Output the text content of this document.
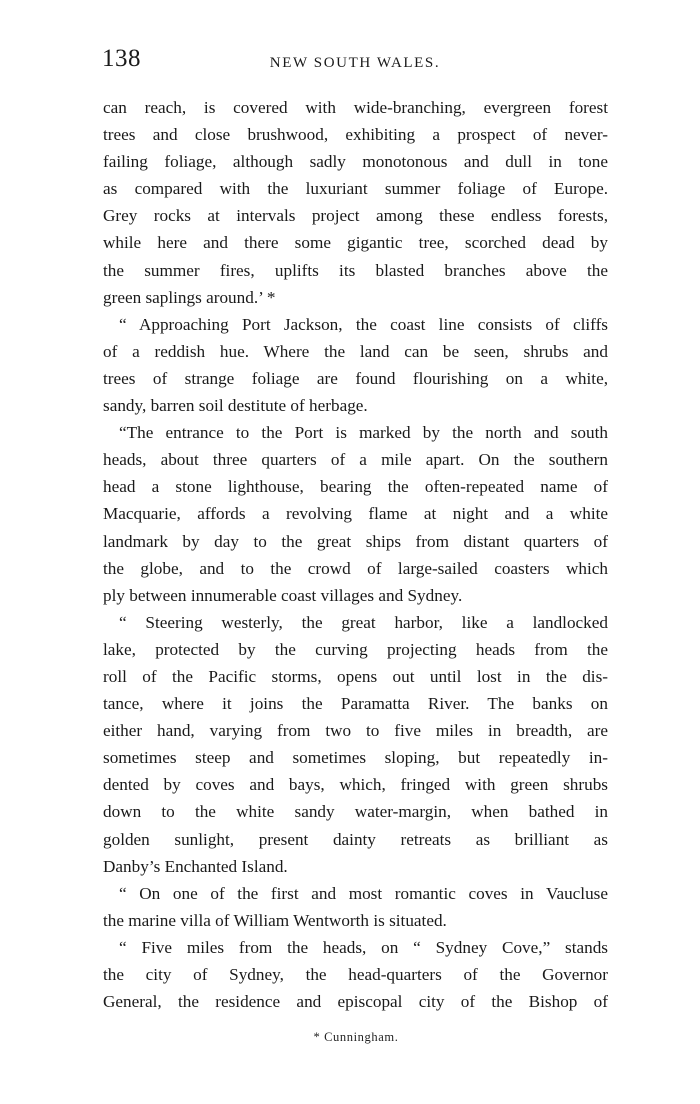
138	NEW SOUTH WALES.
can reach, is covered with wide-branching, evergreen forest
trees and close brushwood, exhibiting a prospect of never-
failing foliage, although sadly monotonous and dull in tone
as compared with the luxuriant summer foliage of Europe.
Grey rocks at intervals project among these endless forests,
while here and there some gigantic tree, scorched dead by
the summer fires, uplifts its blasted branches above the
green saplings around.’ *
“ Approaching Port Jackson, the coast line consists of cliffs
of a reddish hue. Where the land can be seen, shrubs and
trees of strange foliage are found flourishing on a white,
sandy, barren soil destitute of herbage.
“The entrance to the Port is marked by the north and south
heads, about three quarters of a mile apart. On the southern
head a stone lighthouse, bearing the often-repeated name of
Macquarie, affords a revolving flame at night and a white
landmark by day to the great ships from distant quarters of
the globe, and to the crowd of large-sailed coasters which
ply between innumerable coast villages and Sydney.
“ Steering westerly, the great harbor, like a landlocked
lake, protected by the curving projecting heads from the
roll of the Pacific storms, opens out until lost in the dis-
tance, where it joins the Paramatta River. The banks on
either hand, varying from two to five miles in breadth, are
sometimes steep and sometimes sloping, but repeatedly in-
dented by coves and bays, which, fringed with green shrubs
down to the white sandy water-margin, when bathed in
golden sunlight, present dainty retreats as brilliant as
Danby’s Enchanted Island.
“ On one of the first and most romantic coves in Vaucluse
the marine villa of William Wentworth is situated.
“ Five miles from the heads, on “ Sydney Cove,” stands
the city of Sydney, the head-quarters of the Governor
General, the residence and episcopal city of the Bishop of
* Cunningham.
